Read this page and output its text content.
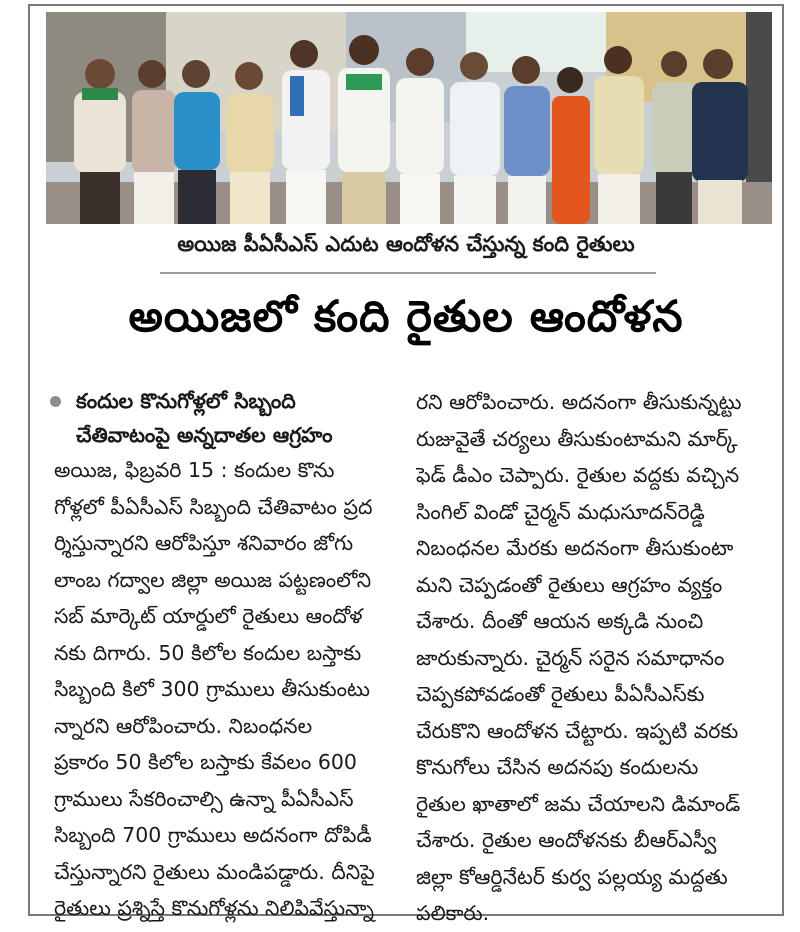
అయిజ పీఏసీఎస్ ఎదుట ఆందోళన చేస్తున్న కంది రైతులు
అయిజలో కంది రైతుల ఆందోళన
కందుల కొనుగోళ్లలో సిబ్బంది
చేతివాటంపై అన్నదాతల ఆగ్రహం
అయిజ, ఫిబ్రవరి 15 : కందుల కొను
గోళ్లలో పీఏసీఎస్ సిబ్బంది చేతివాటం ప్రద
ర్శిస్తున్నారని ఆరోపిస్తూ శనివారం జోగు
లాంబ గద్వాల జిల్లా అయిజ పట్టణంలోని
సబ్ మార్కెట్ యార్డులో రైతులు ఆందోళ
నకు దిగారు. 50 కిలోల కందుల బస్తాకు
సిబ్బంది కిలో 300 గ్రాములు తీసుకుంటు
న్నారని ఆరోపించారు. నిబంధనల
ప్రకారం 50 కిలోల బస్తాకు కేవలం 600
గ్రాములు సేకరించాల్సి ఉన్నా పీఏసీఎస్
సిబ్బంది 700 గ్రాములు అదనంగా దోపిడీ
చేస్తున్నారని రైతులు మండిపడ్డారు. దీనిపై
రైతులు ప్రశ్నిస్తే కొనుగోళ్లను నిలిపివేస్తున్నా
రని ఆరోపించారు. అదనంగా తీసుకున్నట్టు
రుజువైతే చర్యలు తీసుకుంటామని మార్క్
ఫెడ్ డీఎం చెప్పారు. రైతుల వద్దకు వచ్చిన
సింగిల్ విండో చైర్మన్ మధుసూదన్‌రెడ్డి
నిబంధనల మేరకు అదనంగా తీసుకుంటా
మని చెప్పడంతో రైతులు ఆగ్రహం వ్యక్తం
చేశారు. దీంతో ఆయన అక్కడి నుంచి
జారుకున్నారు. చైర్మన్ సరైన సమాధానం
చెప్పకపోవడంతో రైతులు పీఏసీఎస్‌కు
చేరుకొని ఆందోళన చేట్టారు. ఇప్పటి వరకు
కొనుగోలు చేసిన అదనపు కందులను
రైతుల ఖాతాలో జమ చేయాలని డిమాండ్
చేశారు. రైతుల ఆందోళనకు బీఆర్ఎస్వీ
జిల్లా కోఆర్డినేటర్ కుర్వ పల్లయ్య మద్దతు
పలికారు.
